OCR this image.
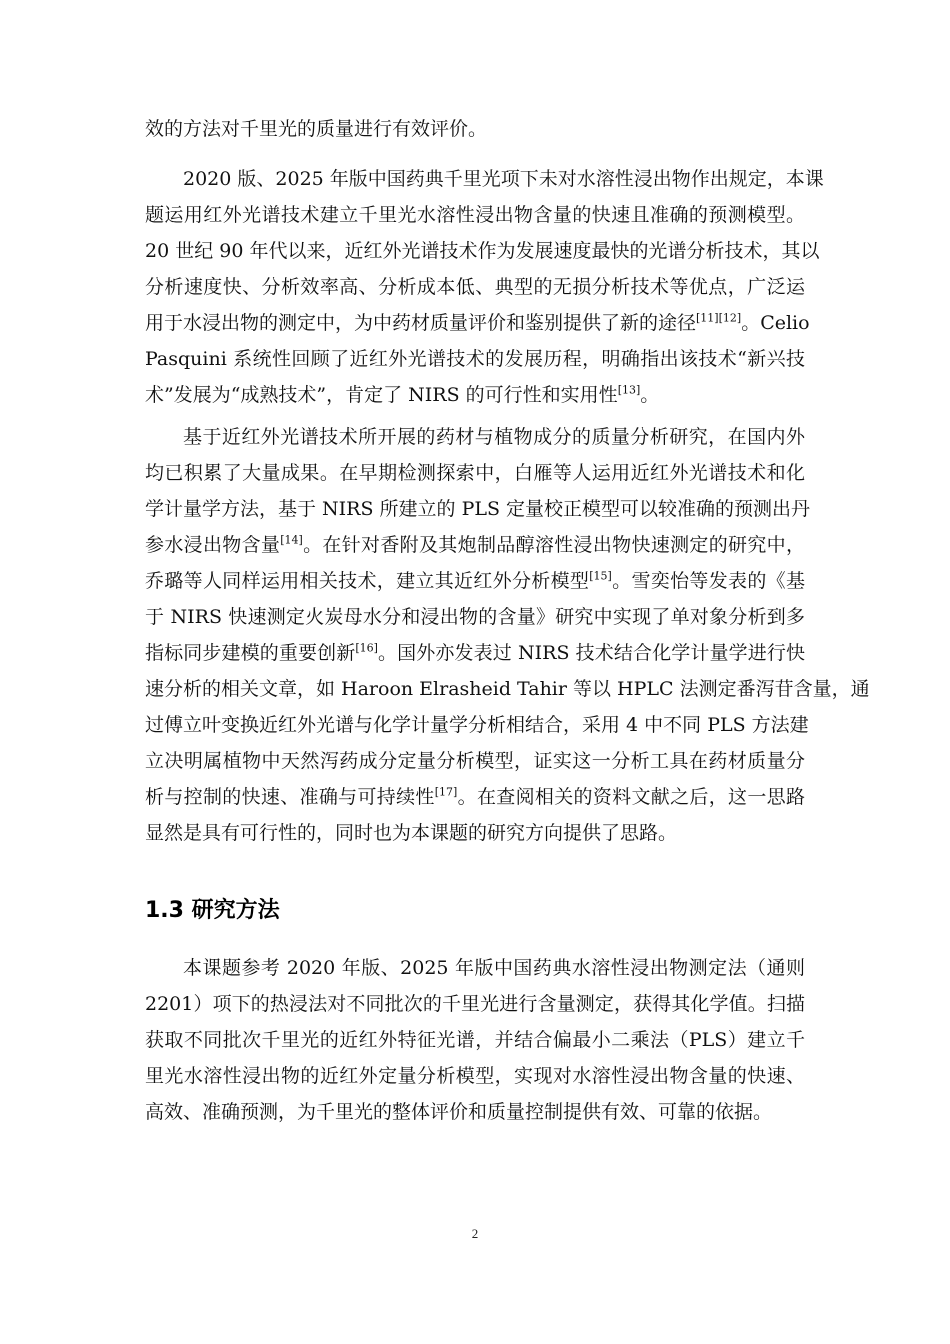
效的方法对千里光的质量进行有效评价。
2020 版、2025 年版中国药典千里光项下未对水溶性浸出物作出规定，本课
题运用红外光谱技术建立千里光水溶性浸出物含量的快速且准确的预测模型。
20 世纪 90 年代以来，近红外光谱技术作为发展速度最快的光谱分析技术，其以
分析速度快、分析效率高、分析成本低、典型的无损分析技术等优点，广泛运
用于水浸出物的测定中，为中药材质量评价和鉴别提供了新的途径[11][12]。Celio
Pasquini 系统性回顾了近红外光谱技术的发展历程，明确指出该技术“新兴技
术”发展为“成熟技术”，肯定了 NIRS 的可行性和实用性[13]。
基于近红外光谱技术所开展的药材与植物成分的质量分析研究，在国内外
均已积累了大量成果。在早期检测探索中，白雁等人运用近红外光谱技术和化
学计量学方法，基于 NIRS 所建立的 PLS 定量校正模型可以较准确的预测出丹
参水浸出物含量[14]。在针对香附及其炮制品醇溶性浸出物快速测定的研究中，
乔璐等人同样运用相关技术，建立其近红外分析模型[15]。雪奕怡等发表的《基
于 NIRS 快速测定火炭母水分和浸出物的含量》研究中实现了单对象分析到多
指标同步建模的重要创新[16]。国外亦发表过 NIRS 技术结合化学计量学进行快
速分析的相关文章，如 Haroon Elrasheid Tahir 等以 HPLC 法测定番泻苷含量，通
过傅立叶变换近红外光谱与化学计量学分析相结合，采用 4 中不同 PLS 方法建
立决明属植物中天然泻药成分定量分析模型，证实这一分析工具在药材质量分
析与控制的快速、准确与可持续性[17]。在查阅相关的资料文献之后，这一思路
显然是具有可行性的，同时也为本课题的研究方向提供了思路。
1.3 研究方法
本课题参考 2020 年版、2025 年版中国药典水溶性浸出物测定法（通则
2201）项下的热浸法对不同批次的千里光进行含量测定，获得其化学值。扫描
获取不同批次千里光的近红外特征光谱，并结合偏最小二乘法（PLS）建立千
里光水溶性浸出物的近红外定量分析模型，实现对水溶性浸出物含量的快速、
高效、准确预测，为千里光的整体评价和质量控制提供有效、可靠的依据。
2
